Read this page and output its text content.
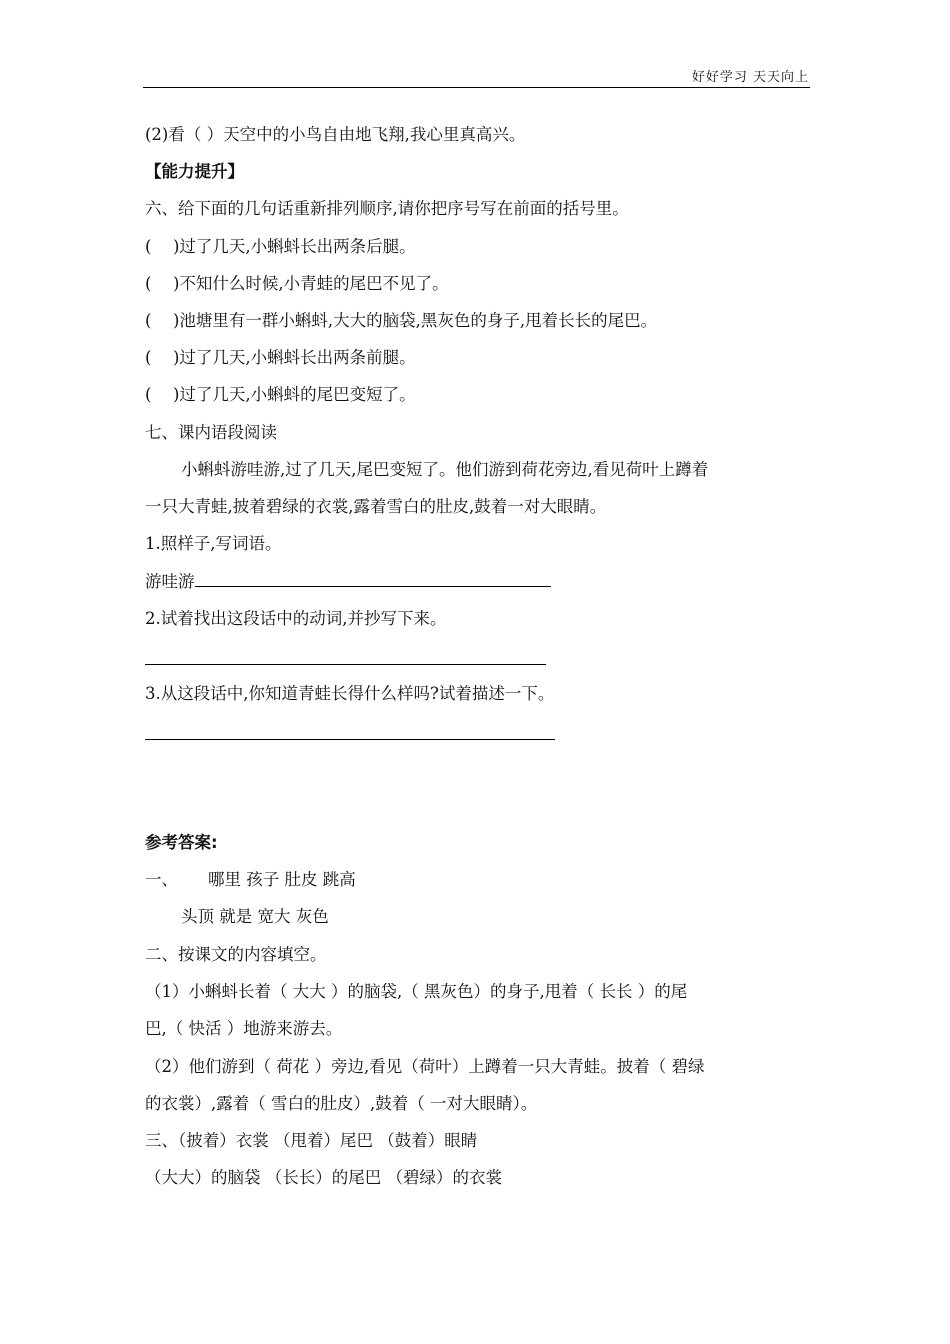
好好学习 天天向上
(2)看（ ）天空中的小鸟自由地飞翔,我心里真高兴。
【能力提升】
六、给下面的几句话重新排列顺序,请你把序号写在前面的括号里。
( )过了几天,小蝌蚪长出两条后腿。
( )不知什么时候,小青蛙的尾巴不见了。
( )池塘里有一群小蝌蚪,大大的脑袋,黑灰色的身子,甩着长长的尾巴。
( )过了几天,小蝌蚪长出两条前腿。
( )过了几天,小蝌蚪的尾巴变短了。
七、课内语段阅读
小蝌蚪游哇游,过了几天,尾巴变短了。他们游到荷花旁边,看见荷叶上蹲着
一只大青蛙,披着碧绿的衣裳,露着雪白的肚皮,鼓着一对大眼睛。
1.照样子,写词语。
游哇游
2.试着找出这段话中的动词,并抄写下来。
3.从这段话中,你知道青蛙长得什么样吗?试着描述一下。
参考答案:
一、 哪里 孩子 肚皮 跳高
头顶 就是 宽大 灰色
二、按课文的内容填空。
（1）小蝌蚪长着（ 大大 ）的脑袋,（ 黑灰色）的身子,甩着（ 长长 ）的尾
巴,（ 快活 ）地游来游去。
（2）他们游到（ 荷花 ）旁边,看见（荷叶）上蹲着一只大青蛙。披着（ 碧绿
的衣裳）,露着（ 雪白的肚皮）,鼓着（ 一对大眼睛）。
三、（披着）衣裳 （甩着）尾巴 （鼓着）眼睛
（大大）的脑袋 （长长）的尾巴 （碧绿）的衣裳
